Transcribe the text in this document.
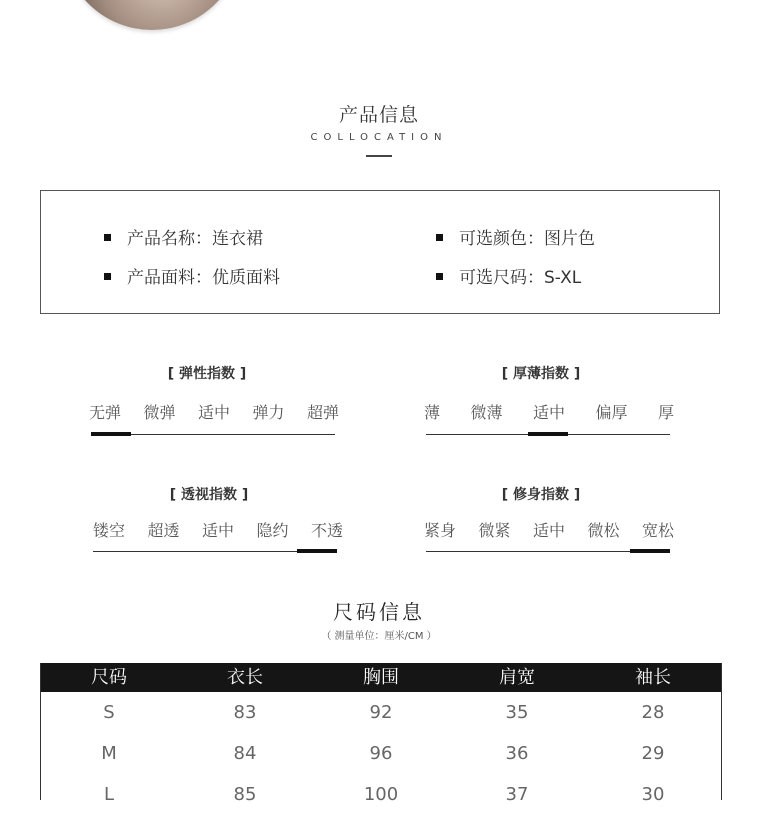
产品信息
COLLOCATION
产品名称：连衣裙	可选颜色：图片色
产品面料：优质面料	可选尺码：S-XL
[ 弹性指数 ]
无弹 微弹 适中 弹力 超弹
[ 厚薄指数 ]
薄 微薄 适中 偏厚 厚
[ 透视指数 ]
镂空 超透 适中 隐约 不透
[ 修身指数 ]
紧身 微紧 适中 微松 宽松
尺码信息
（ 测量单位：厘米/CM ）
尺码	衣长	胸围	肩宽	袖长
S	83	92	35	28
M	84	96	36	29
L	85	100	37	30
